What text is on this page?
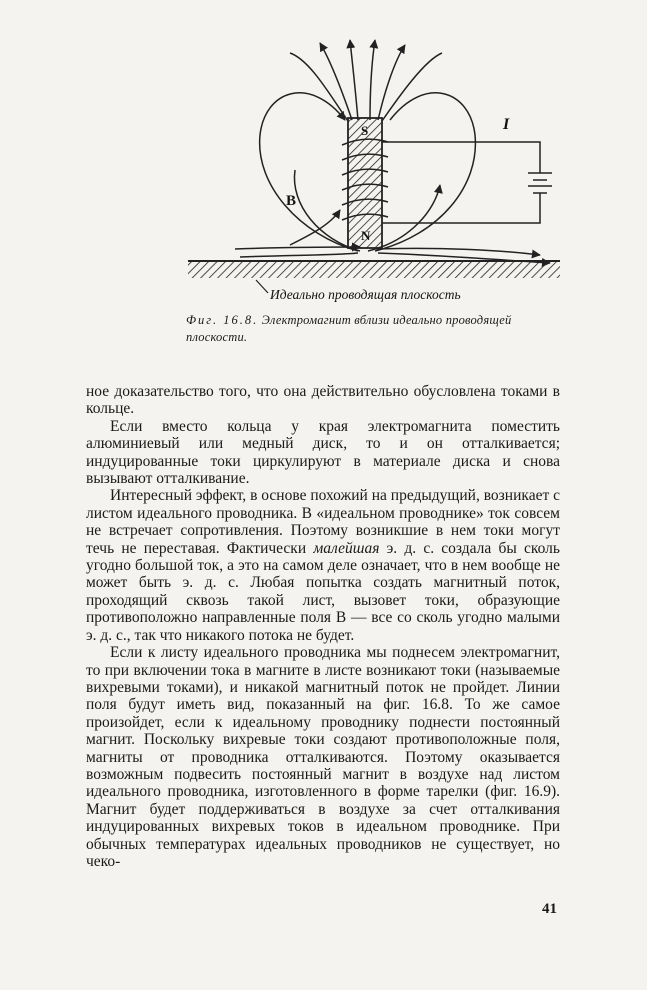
S
N
I
B
Идеально проводящая плоскость
Фиг. 16.8. Электромагнит вблизи идеально проводящей плоскости.

ное доказательство того, что она действительно обусловлена токами в кольце.

Если вместо кольца у края электромагнита поместить алюминиевый или медный диск, то и он отталкивается; индуцированные токи циркулируют в материале диска и снова вызывают отталкивание.

Интересный эффект, в основе похожий на предыдущий, возникает с листом идеального проводника. В «идеальном проводнике» ток совсем не встречает сопротивления. Поэтому возникшие в нем токи могут течь не переставая. Фактически малейшая э. д. с. создала бы сколь угодно большой ток, а это на самом деле означает, что в нем вообще не может быть э. д. с. Любая попытка создать магнитный поток, проходящий сквозь такой лист, вызовет токи, образующие противоположно направленные поля B — все со сколь угодно малыми э. д. с., так что никакого потока не будет.

Если к листу идеального проводника мы поднесем электромагнит, то при включении тока в магните в листе возникают токи (называемые вихревыми токами), и никакой магнитный поток не пройдет. Линии поля будут иметь вид, показанный на фиг. 16.8. То же самое произойдет, если к идеальному проводнику поднести постоянный магнит. Поскольку вихревые токи создают противоположные поля, магниты от проводника отталкиваются. Поэтому оказывается возможным подвесить постоянный магнит в воздухе над листом идеального проводника, изготовленного в форме тарелки (фиг. 16.9). Магнит будет поддерживаться в воздухе за счет отталкивания индуцированных вихревых токов в идеальном проводнике. При обычных температурах идеальных проводников не существует, но чеко-

41
